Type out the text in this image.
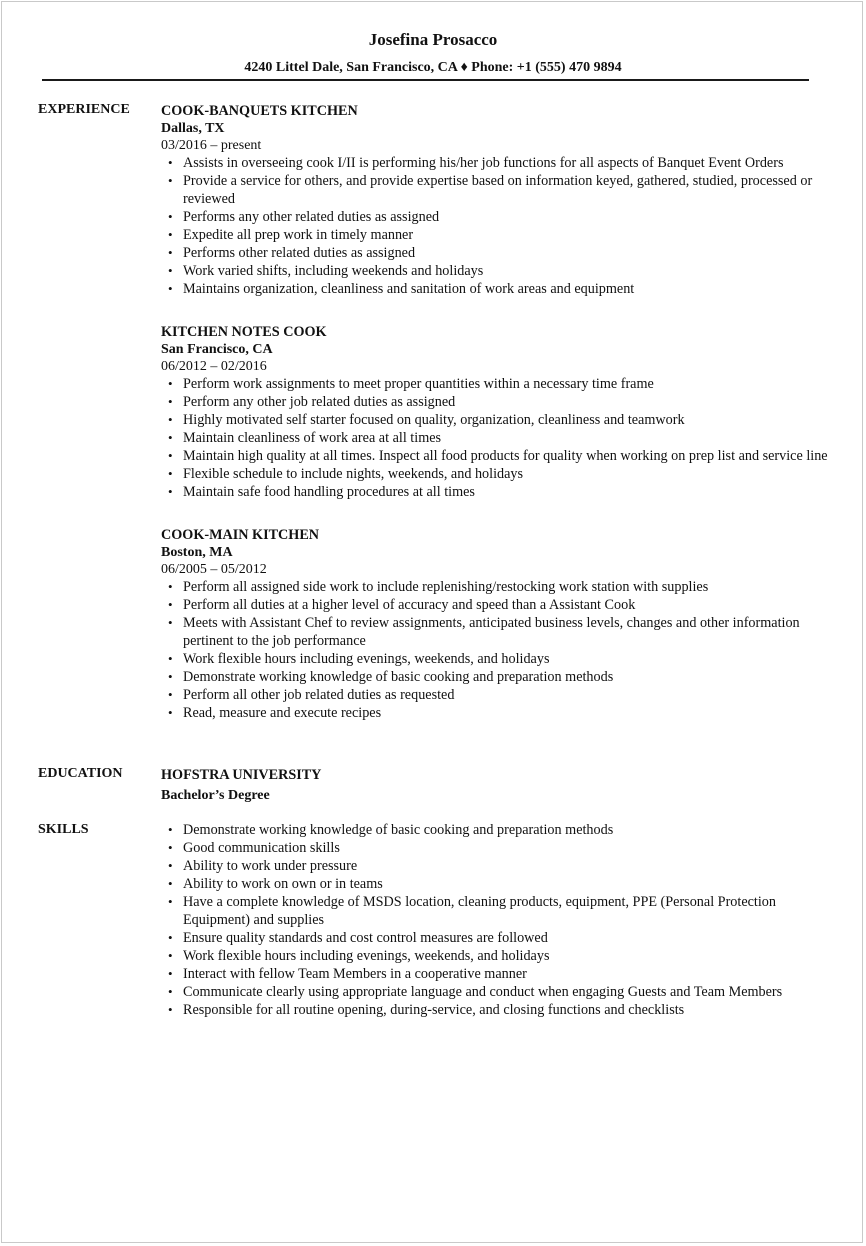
Josefina Prosacco
4240 Littel Dale, San Francisco, CA ♦ Phone: +1 (555) 470 9894
EXPERIENCE COOK-BANQUETS KITCHEN
Dallas, TX
03/2016 – present
• Assists in overseeing cook I/II is performing his/her job functions for all aspects of Banquet Event Orders
• Provide a service for others, and provide expertise based on information keyed, gathered, studied, processed or reviewed
• Performs any other related duties as assigned
• Expedite all prep work in timely manner
• Performs other related duties as assigned
• Work varied shifts, including weekends and holidays
• Maintains organization, cleanliness and sanitation of work areas and equipment
KITCHEN NOTES COOK
San Francisco, CA
06/2012 – 02/2016
• Perform work assignments to meet proper quantities within a necessary time frame
• Perform any other job related duties as assigned
• Highly motivated self starter focused on quality, organization, cleanliness and teamwork
• Maintain cleanliness of work area at all times
• Maintain high quality at all times. Inspect all food products for quality when working on prep list and service line
• Flexible schedule to include nights, weekends, and holidays
• Maintain safe food handling procedures at all times
COOK-MAIN KITCHEN
Boston, MA
06/2005 – 05/2012
• Perform all assigned side work to include replenishing/restocking work station with supplies
• Perform all duties at a higher level of accuracy and speed than a Assistant Cook
• Meets with Assistant Chef to review assignments, anticipated business levels, changes and other information pertinent to the job performance
• Work flexible hours including evenings, weekends, and holidays
• Demonstrate working knowledge of basic cooking and preparation methods
• Perform all other job related duties as requested
• Read, measure and execute recipes
EDUCATION	HOFSTRA UNIVERSITY
Bachelor’s Degree
SKILLS
•	Demonstrate working knowledge of basic cooking and preparation methods
• Good communication skills
• Ability to work under pressure
• Ability to work on own or in teams
• Have a complete knowledge of MSDS location, cleaning products, equipment, PPE (Personal Protection Equipment) and supplies
• Ensure quality standards and cost control measures are followed
• Work flexible hours including evenings, weekends, and holidays
• Interact with fellow Team Members in a cooperative manner
• Communicate clearly using appropriate language and conduct when engaging Guests and Team Members
• Responsible for all routine opening, during-service, and closing functions and checklists
